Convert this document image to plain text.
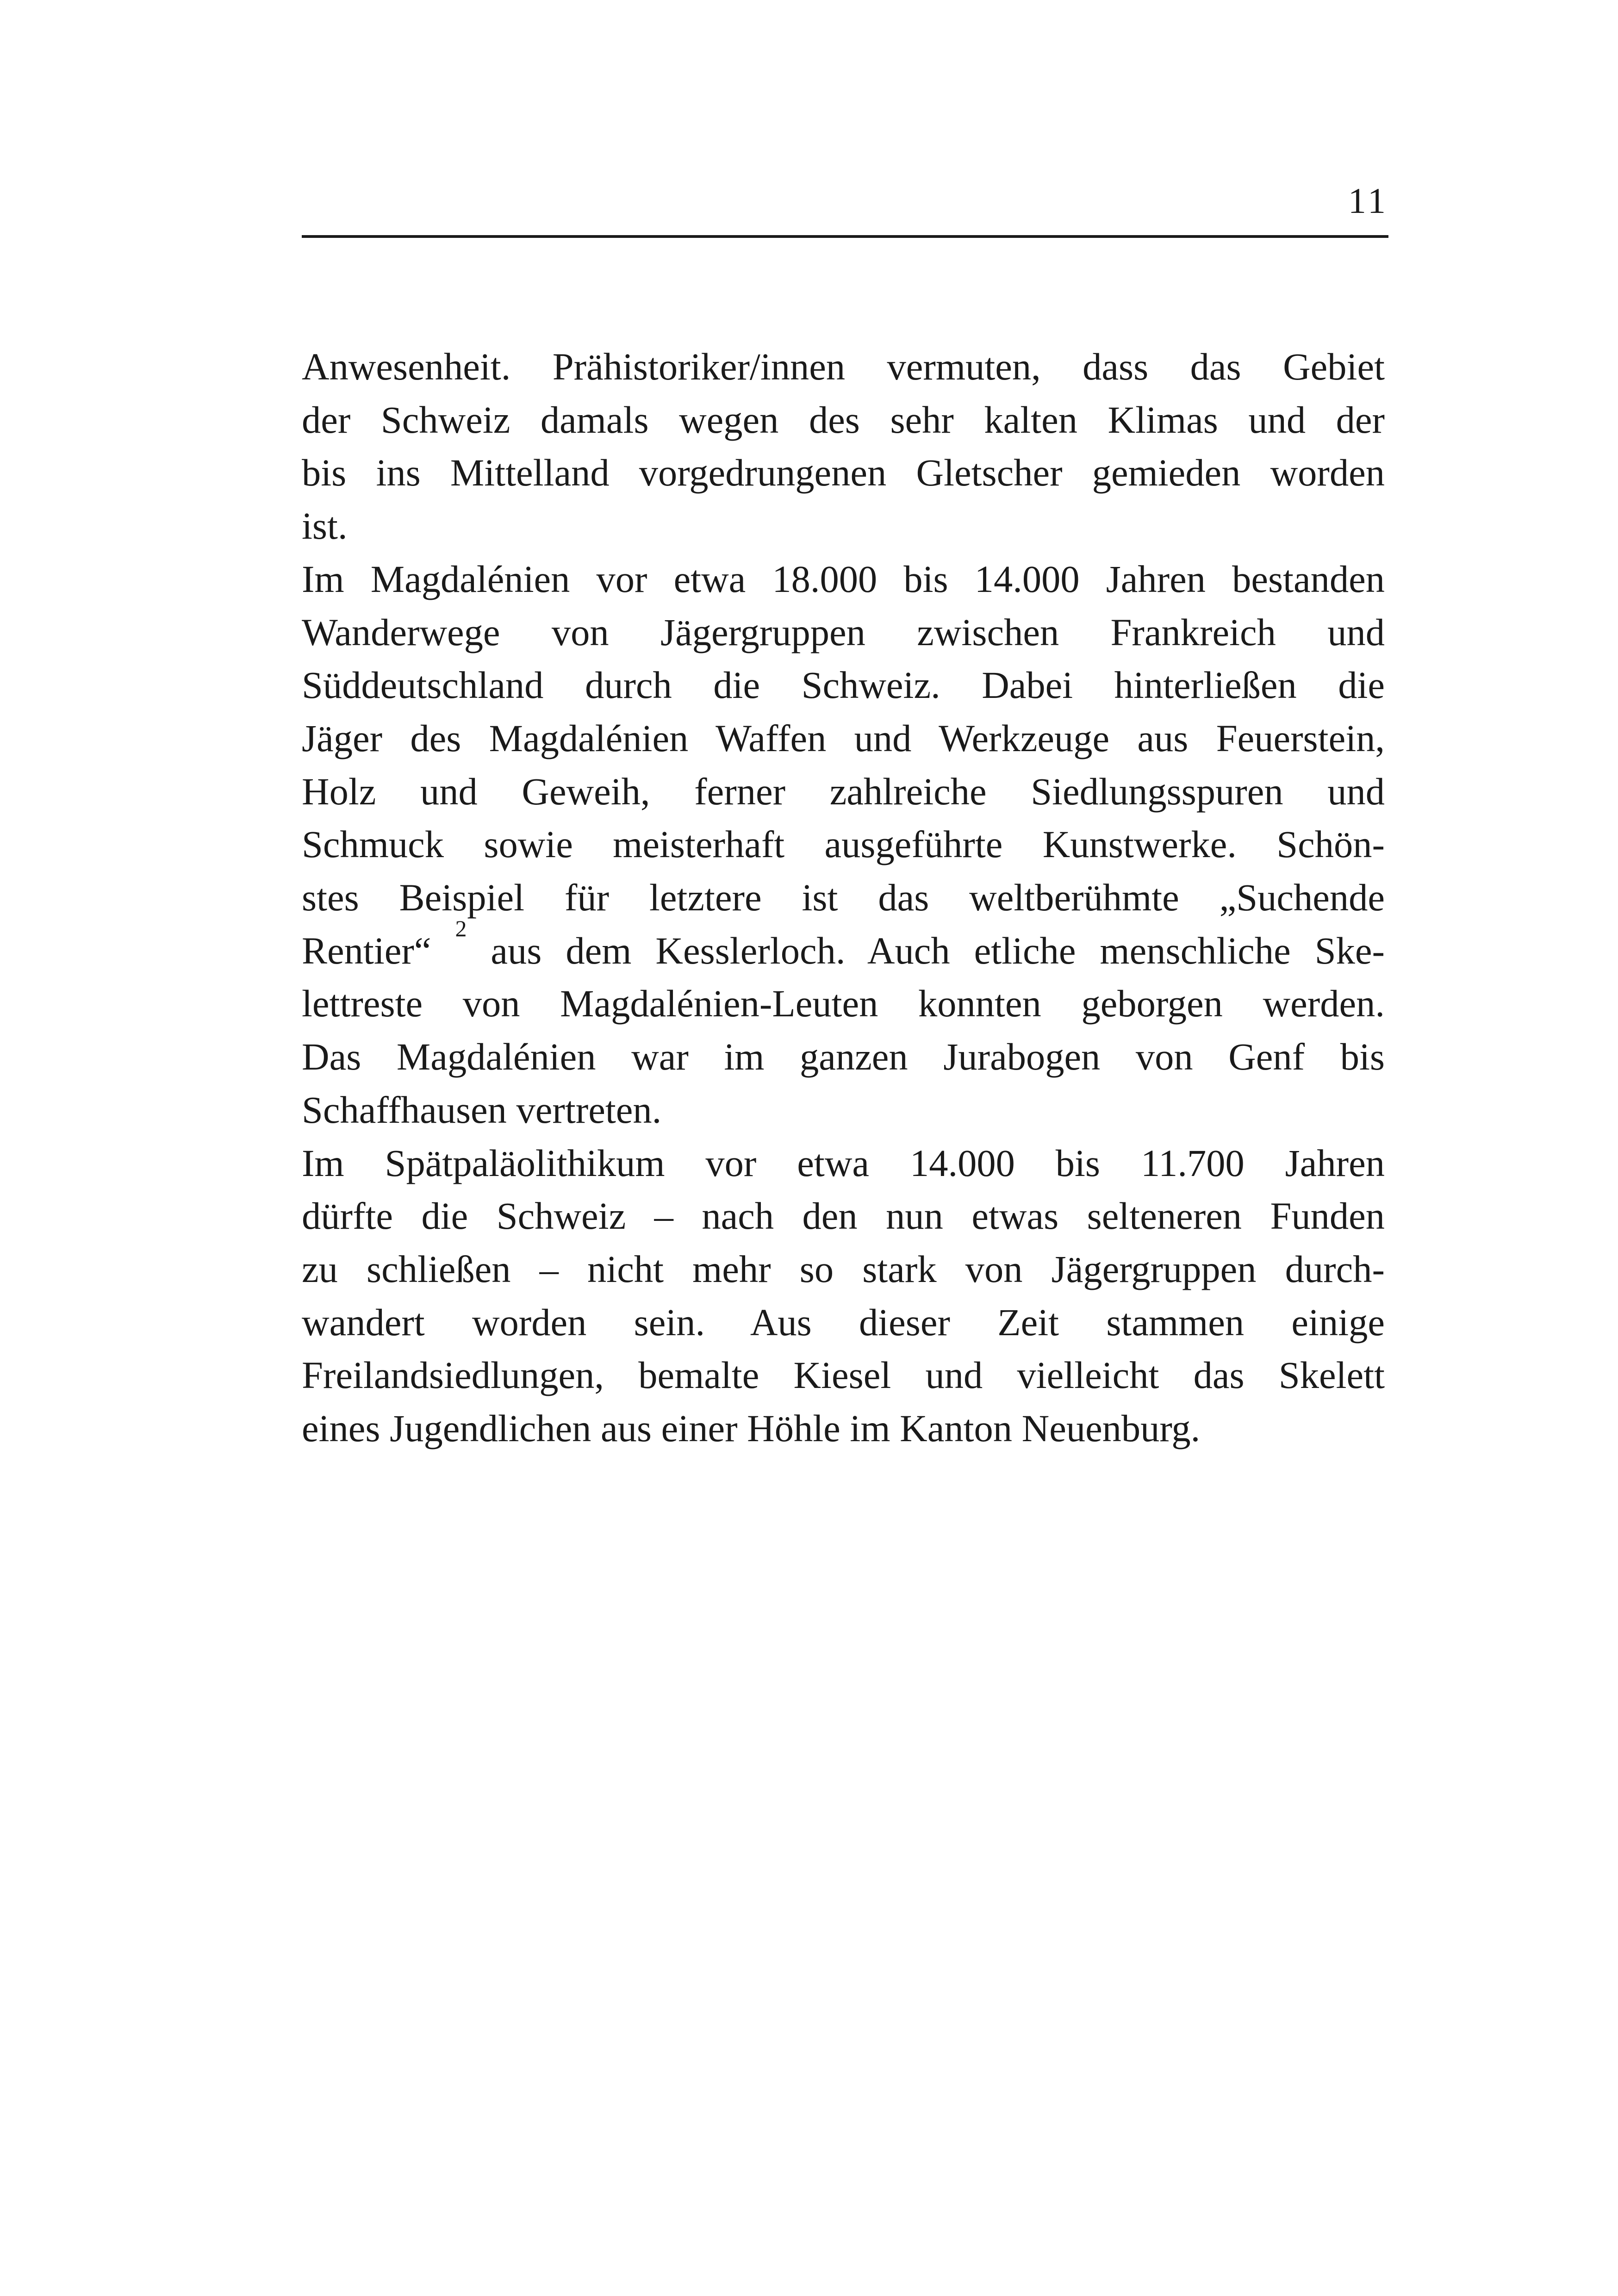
11
Anwesenheit. Prähistoriker/innen vermuten, dass das Gebiet
der Schweiz damals wegen des sehr kalten Klimas und der
bis ins Mittelland vorgedrungenen Gletscher gemieden worden
ist.
Im Magdalénien vor etwa 18.000 bis 14.000 Jahren bestanden
Wanderwege von Jägergruppen zwischen Frankreich und
Süddeutschland durch die Schweiz. Dabei hinterließen die
Jäger des Magdalénien Waffen und Werkzeuge aus Feuerstein,
Holz und Geweih, ferner zahlreiche Siedlungsspuren und
Schmuck sowie meisterhaft ausgeführte Kunstwerke. Schön-
stes Beispiel für letztere ist das weltberühmte „Suchende
Rentier“ $^2$ aus dem Kesslerloch. Auch etliche menschliche Ske-
lettreste von Magdalénien-Leuten konnten geborgen werden.
Das Magdalénien war im ganzen Jurabogen von Genf bis
Schaffhausen vertreten.
Im Spätpaläolithikum vor etwa 14.000 bis 11.700 Jahren
dürfte die Schweiz – nach den nun etwas selteneren Funden
zu schließen – nicht mehr so stark von Jägergruppen durch-
wandert worden sein. Aus dieser Zeit stammen einige
Freilandsiedlungen, bemalte Kiesel und vielleicht das Skelett
eines Jugendlichen aus einer Höhle im Kanton Neuenburg.
